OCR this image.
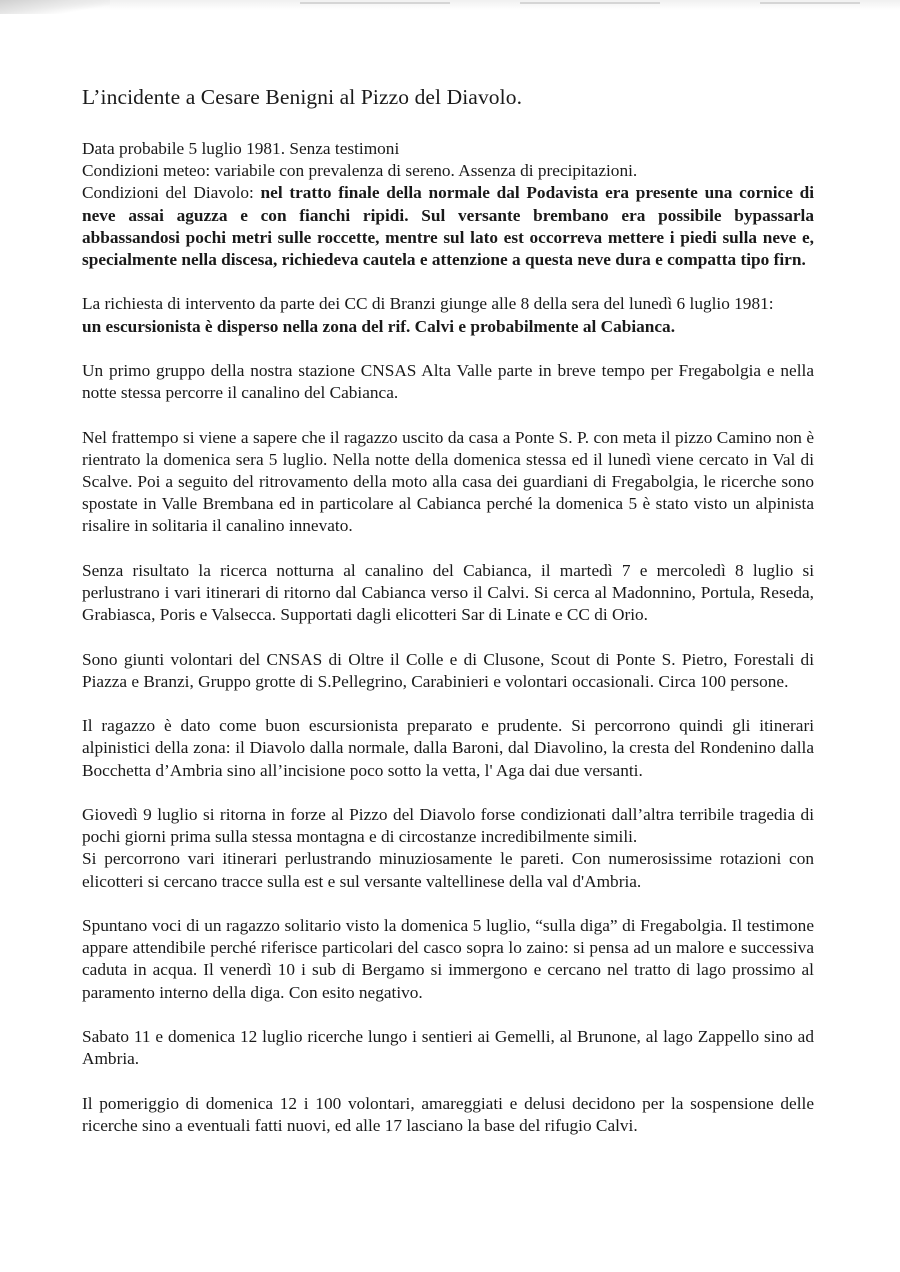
L’incidente a Cesare Benigni al Pizzo del Diavolo.

Data probabile 5 luglio 1981. Senza testimoni
Condizioni meteo: variabile con prevalenza di sereno. Assenza di precipitazioni.
Condizioni del Diavolo: nel tratto finale della normale dal Podavista era presente una cornice di neve assai aguzza e con fianchi ripidi. Sul versante brembano era possibile bypassarla abbassandosi pochi metri sulle roccette, mentre sul lato est occorreva mettere i piedi sulla neve e, specialmente nella discesa, richiedeva cautela e attenzione a questa neve dura e compatta tipo firn.

La richiesta di intervento da parte dei CC di Branzi giunge alle 8 della sera del lunedì 6 luglio 1981:
un escursionista è disperso nella zona del rif. Calvi e probabilmente al Cabianca.

Un primo gruppo della nostra stazione CNSAS Alta Valle parte in breve tempo per Fregabolgia e nella notte stessa percorre il canalino del Cabianca.

Nel frattempo si viene a sapere che il ragazzo uscito da casa a Ponte S. P. con meta il pizzo Camino non è rientrato la domenica sera 5 luglio. Nella notte della domenica stessa ed il lunedì viene cercato in Val di Scalve. Poi a seguito del ritrovamento della moto alla casa dei guardiani di Fregabolgia, le ricerche sono spostate in Valle Brembana ed in particolare al Cabianca perché la domenica 5 è stato visto un alpinista risalire in solitaria il canalino innevato.

Senza risultato la ricerca notturna al canalino del Cabianca, il martedì 7 e mercoledì 8 luglio si perlustrano i vari itinerari di ritorno dal Cabianca verso il Calvi. Si cerca al Madonnino, Portula, Reseda, Grabiasca, Poris e Valsecca. Supportati dagli elicotteri Sar di Linate e CC di Orio.

Sono giunti volontari del CNSAS di Oltre il Colle e di Clusone, Scout di Ponte S. Pietro, Forestali di Piazza e Branzi, Gruppo grotte di S.Pellegrino, Carabinieri e volontari occasionali. Circa 100 persone.

Il ragazzo è dato come buon escursionista preparato e prudente. Si percorrono quindi gli itinerari alpinistici della zona: il Diavolo dalla normale, dalla Baroni, dal Diavolino, la cresta del Rondenino dalla Bocchetta d’Ambria sino all’incisione poco sotto la vetta, l' Aga dai due versanti.

Giovedì 9 luglio si ritorna in forze al Pizzo del Diavolo forse condizionati dall’altra terribile tragedia di pochi giorni prima sulla stessa montagna e di circostanze incredibilmente simili.
Si percorrono vari itinerari perlustrando minuziosamente le pareti. Con numerosissime rotazioni con elicotteri si cercano tracce sulla est e sul versante valtellinese della val d'Ambria.

Spuntano voci di un ragazzo solitario visto la domenica 5 luglio, “sulla diga” di Fregabolgia. Il testimone appare attendibile perché riferisce particolari del casco sopra lo zaino: si pensa ad un malore e successiva caduta in acqua. Il venerdì 10 i sub di Bergamo si immergono e cercano nel tratto di lago prossimo al paramento interno della diga. Con esito negativo.

Sabato 11 e domenica 12 luglio ricerche lungo i sentieri ai Gemelli, al Brunone, al lago Zappello sino ad Ambria.

Il pomeriggio di domenica 12 i 100 volontari, amareggiati e delusi decidono per la sospensione delle ricerche sino a eventuali fatti nuovi, ed alle 17 lasciano la base del rifugio Calvi.
